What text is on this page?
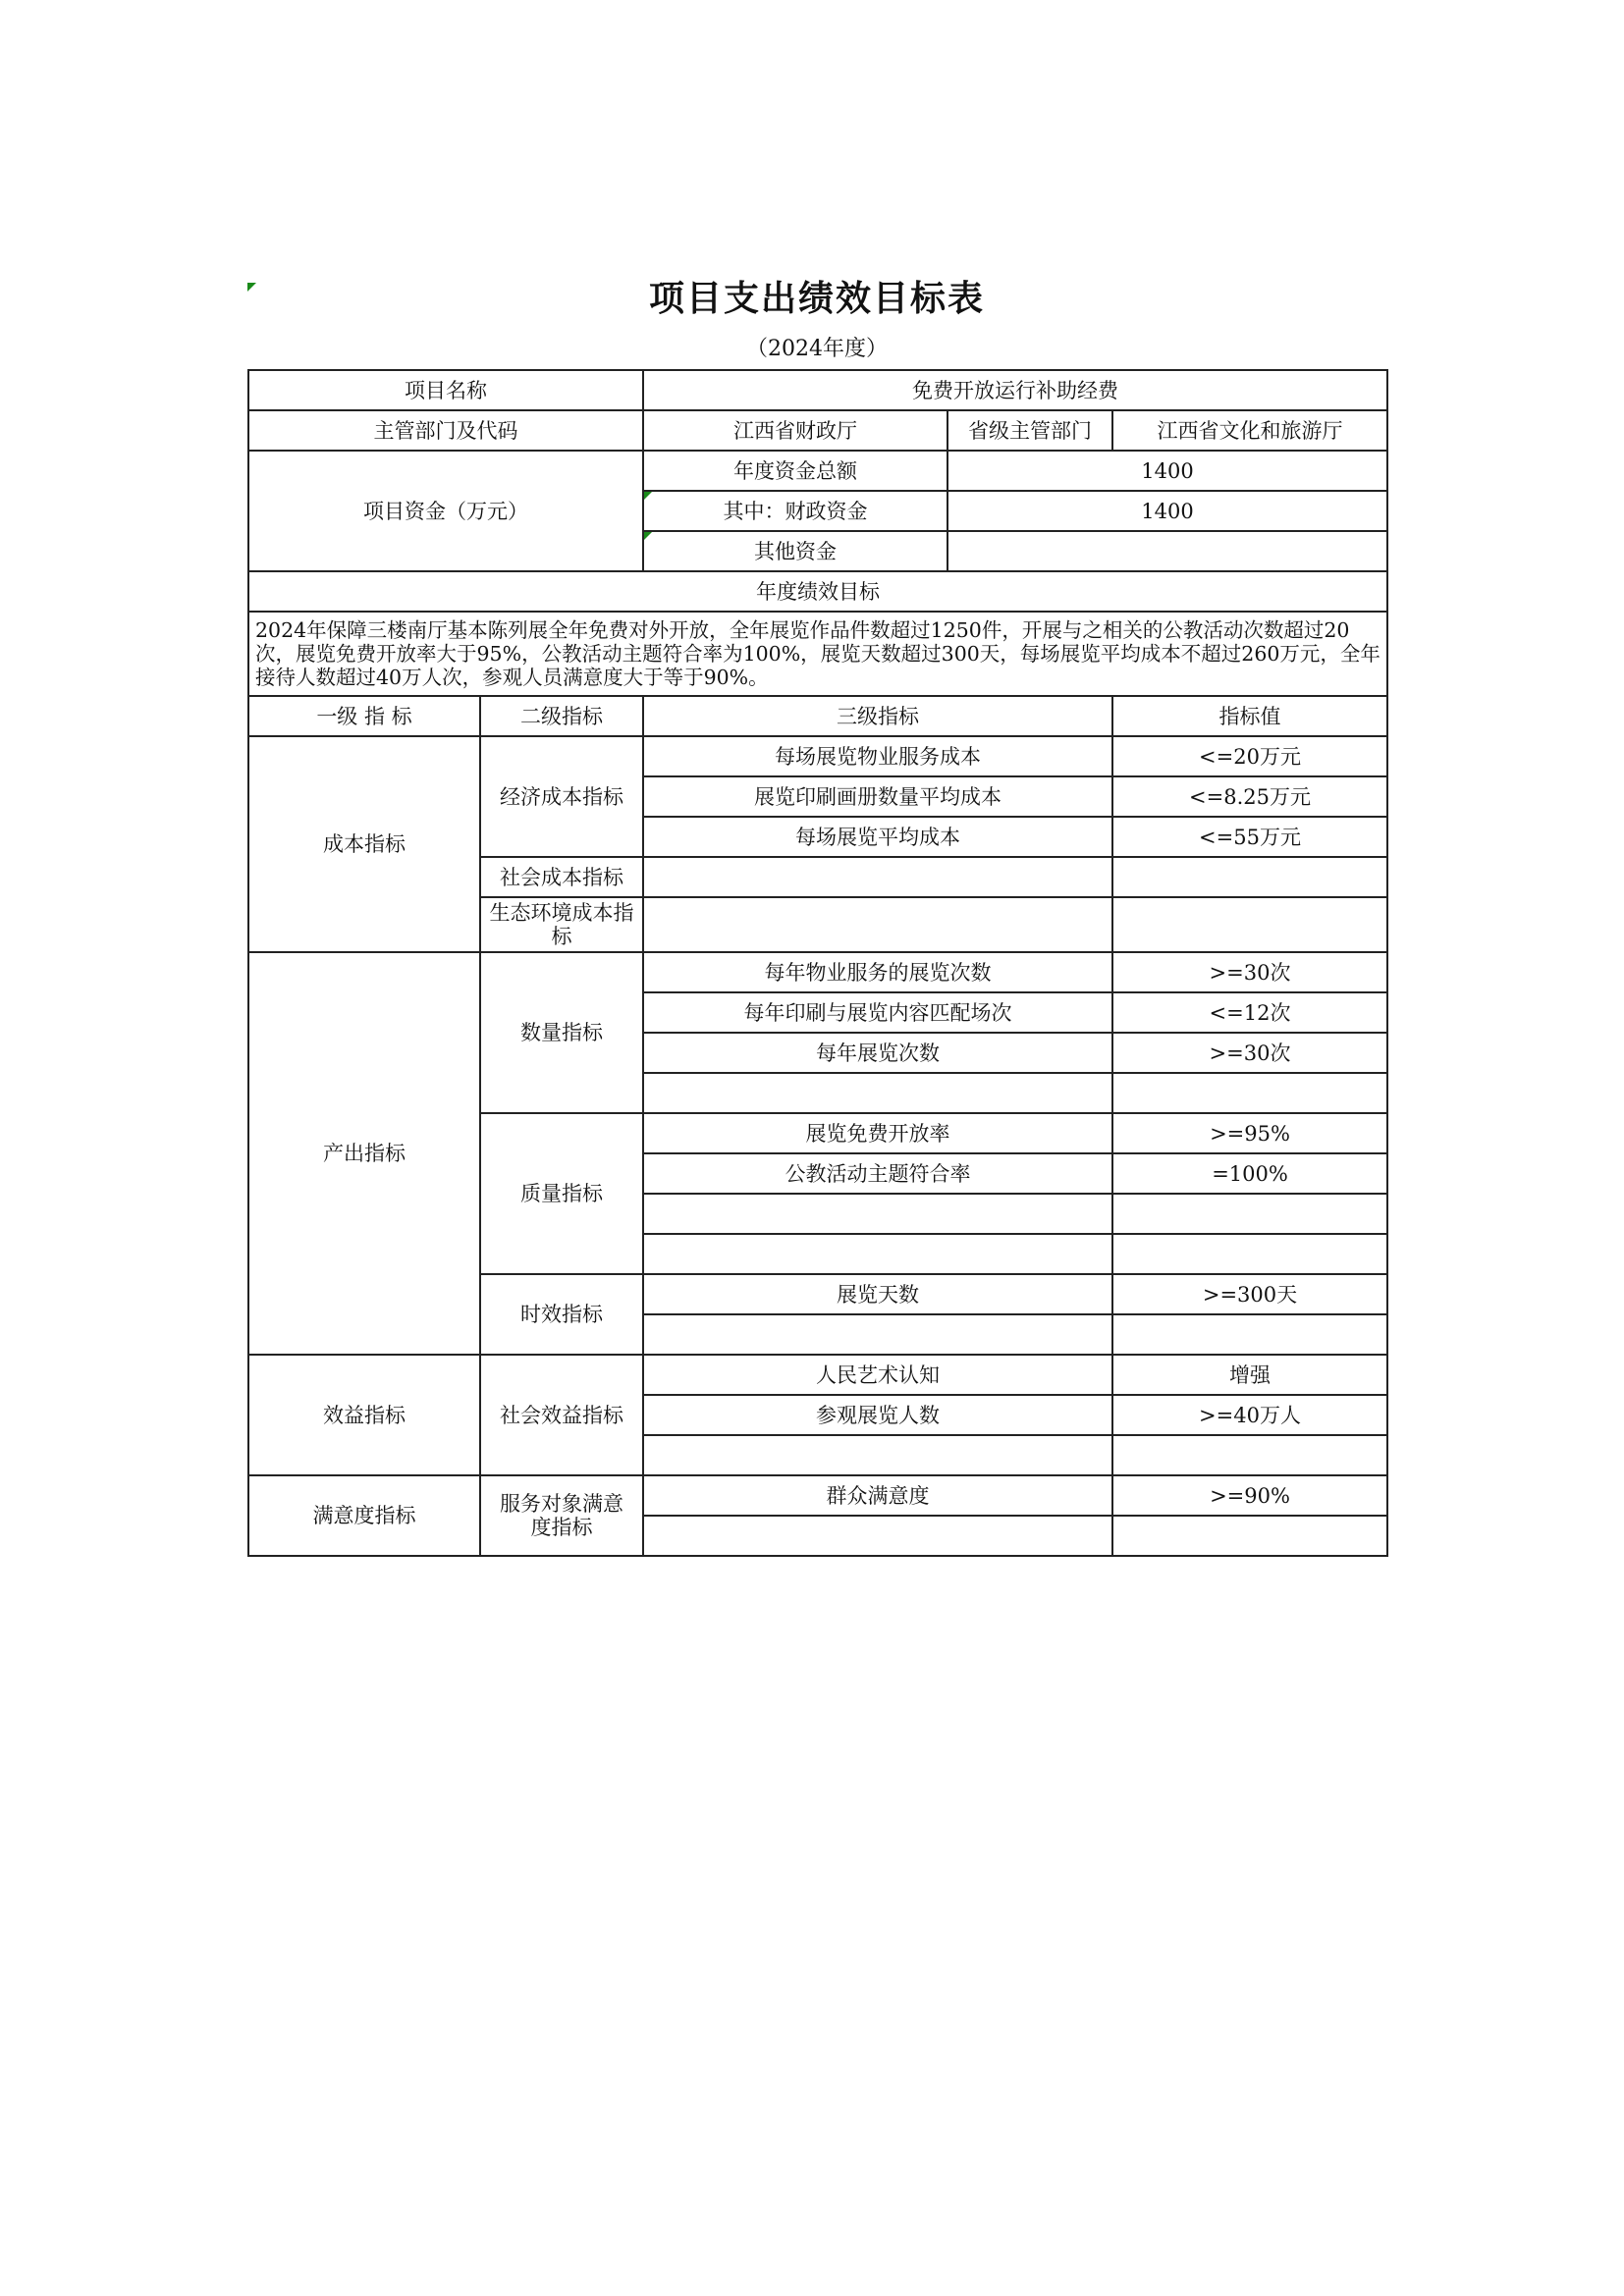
项目支出绩效目标表
（2024年度）
项目名称		免费开放运行补助经费		
主管部门及代码		江西省财政厅	省级主管部门	江西省文化和旅游厅
项目资金（万元）		年度资金总额	1400	
		其中：财政资金	1400	
		其他资金		
年度绩效目标				
2024年保障三楼南厅基本陈列展全年免费对外开放，全年展览作品件数超过1250件，开展与之相关的公教活动次数超过20次，展览免费开放率大于95%，公教活动主题符合率为100%，展览天数超过300天，每场展览平均成本不超过260万元，全年接待人数超过40万人次，参观人员满意度大于等于90%。				
一级 指 标	二级指标	三级指标		指标值
成本指标	经济成本指标	每场展览物业服务成本		<=20万元
		展览印刷画册数量平均成本		<=8.25万元
		每场展览平均成本		<=55万元
	社会成本指标			
	生态环境成本指标			
产出指标	数量指标	每年物业服务的展览次数		>=30次
		每年印刷与展览内容匹配场次		<=12次
		每年展览次数		>=30次

	质量指标	展览免费开放率		>=95%
		公教活动主题符合率		=100%

	时效指标	展览天数		>=300天

效益指标	社会效益指标	人民艺术认知		增强
		参观展览人数		>=40万人

满意度指标	服务对象满意度指标	群众满意度		>=90%
